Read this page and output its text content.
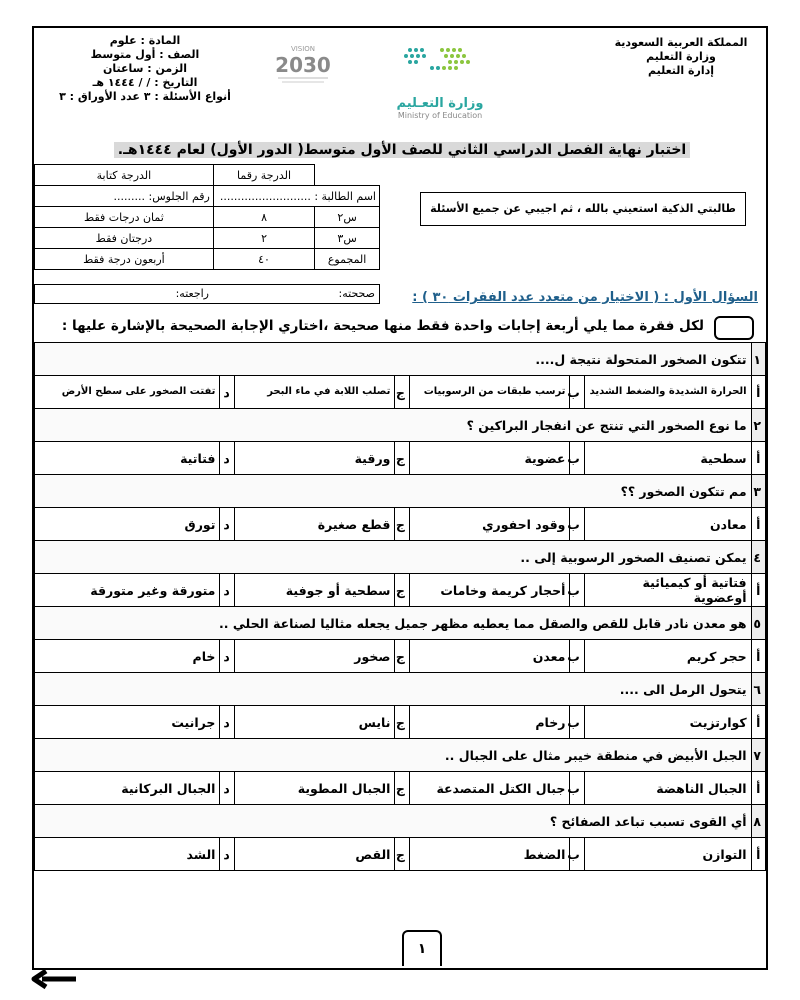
المادة : علوم
الصف : أول متوسط
الزمن : ساعتان
التاريخ : / / ١٤٤٤ هـ
أنواع الأسئلة : ٣ عدد الأوراق : ٣
VISION
2030
وزارة التعـليم
Ministry of Education
المملكة العربية السعودية
وزارة التعليم
إدارة التعليم
اختبار نهاية الفصل الدراسي الثاني للصف الأول متوسط( الدور الأول) لعام ١٤٤٤هـ.
	الدرجة رقما	الدرجة كتابة
اسم الطالبة : ..........................		رقم الجلوس: .........
س٢	٨	ثمان درجات فقط
س٣	٢	درجتان فقط
المجموع	٤٠	أربعون درجة فقط
صححته:
راجعته:
طالبتي الذكية استعيني بالله ، ثم اجيبي عن جميع الأسئلة
السؤال الأول : ( الاختيار من متعدد عدد الفقرات ٣٠ ) :
لكل فقرة مما يلي أربعة إجابات واحدة فقط منها صحيحة ،اختاري الإجابة الصحيحة بالإشارة عليها :
١	تتكون الصخور المتحولة نتيجة ل....						
أ	الحرارة الشديدة والضغط الشديد	ب	ترسب طبقات من الرسوبيات	ج	تصلب اللابة في ماء البحر	د	تفتت الصخور على سطح الأرض
٢	ما نوع الصخور التي تنتج عن انفجار البراكين ؟						
أ	سطحية	ب	عضوية	ج	ورقية	د	فتاتية
٣	مم تتكون الصخور ؟؟						
أ	معادن	ب	وقود احفوري	ج	قطع صغيرة	د	تورق
٤	يمكن تصنيف الصخور الرسوبية إلى ..						
أ	فتاتية أو كيميائية أوعضوية	ب	أحجار كريمة وخامات	ج	سطحية أو جوفية	د	متورقة وغير متورقة
٥	هو معدن نادر قابل للقص والصقل مما يعطيه مظهر جميل يجعله مثاليا لصناعة الحلي ..						
أ	حجر كريم	ب	معدن	ج	صخور	د	خام
٦	يتحول الرمل الى ....						
أ	كوارتزيت	ب	رخام	ج	نايس	د	جرانيت
٧	الجبل الأبيض في منطقة خيبر مثال على الجبال ..						
أ	الجبال الناهضة	ب	جبال الكتل المتصدعة	ج	الجبال المطوية	د	الجبال البركانية
٨	أي القوى تسبب تباعد الصفائح ؟						
أ	التوازن	ب	الضغط	ج	القص	د	الشد
١
